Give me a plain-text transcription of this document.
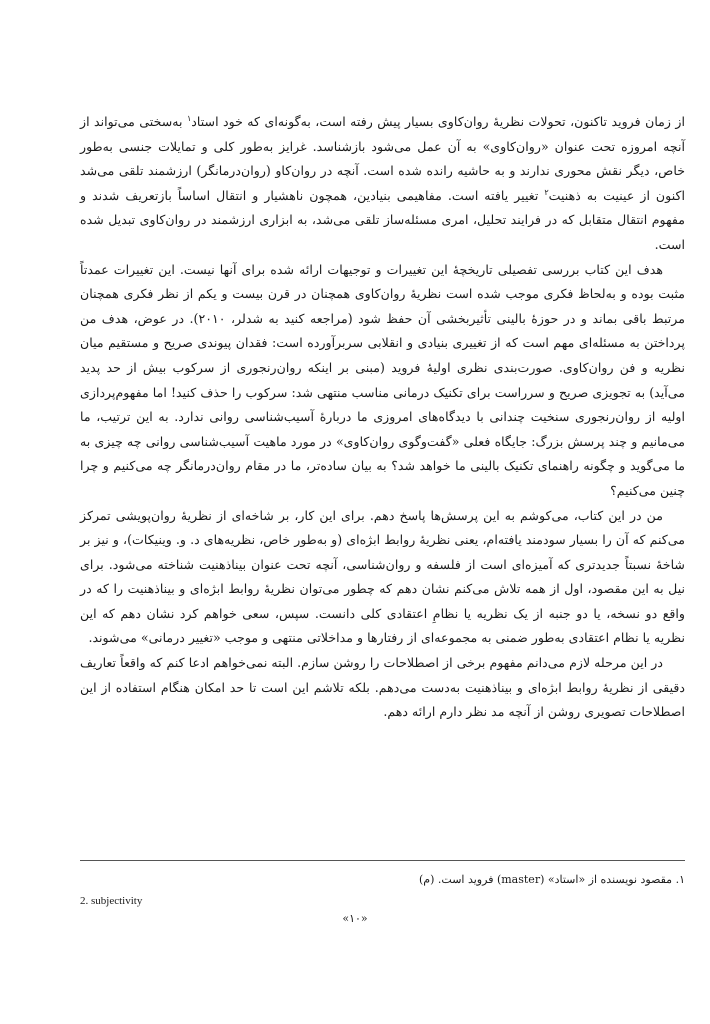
از زمان فروید تاکنون، تحولات نظریهٔ روان‌کاوی بسیار پیش رفته است، به‌گونه‌ای که خود استاد$^۱$ به‌سختی می‌تواند از آنچه امروزه تحت عنوان «روان‌کاوی» به آن عمل می‌شود بازشناسد. غرایز به‌طور کلی و تمایلات جنسی به‌طور خاص، دیگر نقش محوری ندارند و به حاشیه رانده شده است. آنچه در روان‌کاو (روان‌درمانگر) ارزشمند تلقی می‌شد اکنون از عینیت به ذهنیت$^۲$ تغییر یافته است. مفاهیمی بنیادین، همچون ناهشیار و انتقال اساساً بازتعریف شدند و مفهوم انتقال متقابل که در فرایند تحلیل، امری مسئله‌ساز تلقی می‌شد، به ابزاری ارزشمند در روان‌کاوی تبدیل شده است.

هدف این کتاب بررسی تفصیلی تاریخچهٔ این تغییرات و توجیهات ارائه شده برای آنها نیست. این تغییرات عمدتاً مثبت بوده و به‌لحاظ فکری موجب شده است نظریهٔ روان‌کاوی همچنان در قرن بیست و یکم از نظر فکری همچنان مرتبط باقی بماند و در حوزهٔ بالینی تأثیربخشی آن حفظ شود (مراجعه کنید به شدلر، ۲۰۱۰). در عوض، هدف من پرداختن به مسئله‌ای مهم است که از تغییری بنیادی و انقلابی سربرآورده است: فقدان پیوندی صریح و مستقیم میان نظریه و فن روان‌کاوی. صورت‌بندی نظری اولیهٔ فروید (مبنی بر اینکه روان‌رنجوری از سرکوب بیش از حد پدید می‌آید) به تجویزی صریح و سرراست برای تکنیک درمانی مناسب منتهی شد: سرکوب را حذف کنید! اما مفهوم‌پردازی اولیه از روان‌رنجوری سنخیت چندانی با دیدگاه‌های امروزی ما دربارهٔ آسیب‌شناسی روانی ندارد. به این ترتیب، ما می‌مانیم و چند پرسش بزرگ: جایگاه فعلی «گفت‌وگوی روان‌کاوی» در مورد ماهیت آسیب‌شناسی روانی چه چیزی به ما می‌گوید و چگونه راهنمای تکنیک بالینی ما خواهد شد؟ به بیان ساده‌تر، ما در مقام روان‌درمانگر چه می‌کنیم و چرا چنین می‌کنیم؟

من در این کتاب، می‌کوشم به این پرسش‌ها پاسخ دهم. برای این کار، بر شاخه‌ای از نظریهٔ روان‌پویشی تمرکز می‌کنم که آن را بسیار سودمند یافته‌ام، یعنی نظریهٔ روابط ابژه‌ای (و به‌طور خاص، نظریه‌های د. و. وینیکات)، و نیز بر شاخهٔ نسبتاً جدیدتری که آمیزه‌ای است از فلسفه و روان‌شناسی، آنچه تحت عنوان بیناذهنیت شناخته می‌شود. برای نیل به این مقصود، اول از همه تلاش می‌کنم نشان دهم که چطور می‌توان نظریهٔ روابط ابژه‌ای و بیناذهنیت را که در واقع دو نسخه، یا دو جنبه از یک نظریه یا نظامِ اعتقادی کلی دانست. سپس، سعی خواهم کرد نشان دهم که این نظریه یا نظام اعتقادی به‌طور ضمنی به مجموعه‌ای از رفتارها و مداخلاتی منتهی و موجب «تغییر درمانی» می‌شوند.

در این مرحله لازم می‌دانم مفهوم برخی از اصطلاحات را روشن سازم. البته نمی‌خواهم ادعا کنم که واقعاً تعاریف دقیقی از نظریهٔ روابط ابژه‌ای و بیناذهنیت به‌دست می‌دهم. بلکه تلاشم این است تا حد امکان هنگام استفاده از این اصطلاحات تصویری روشن از آنچه مد نظر دارم ارائه دهم.

۱. مقصود نویسنده از «استاد» (master) فروید است. (م)
2. subjectivity
«۱۰»
